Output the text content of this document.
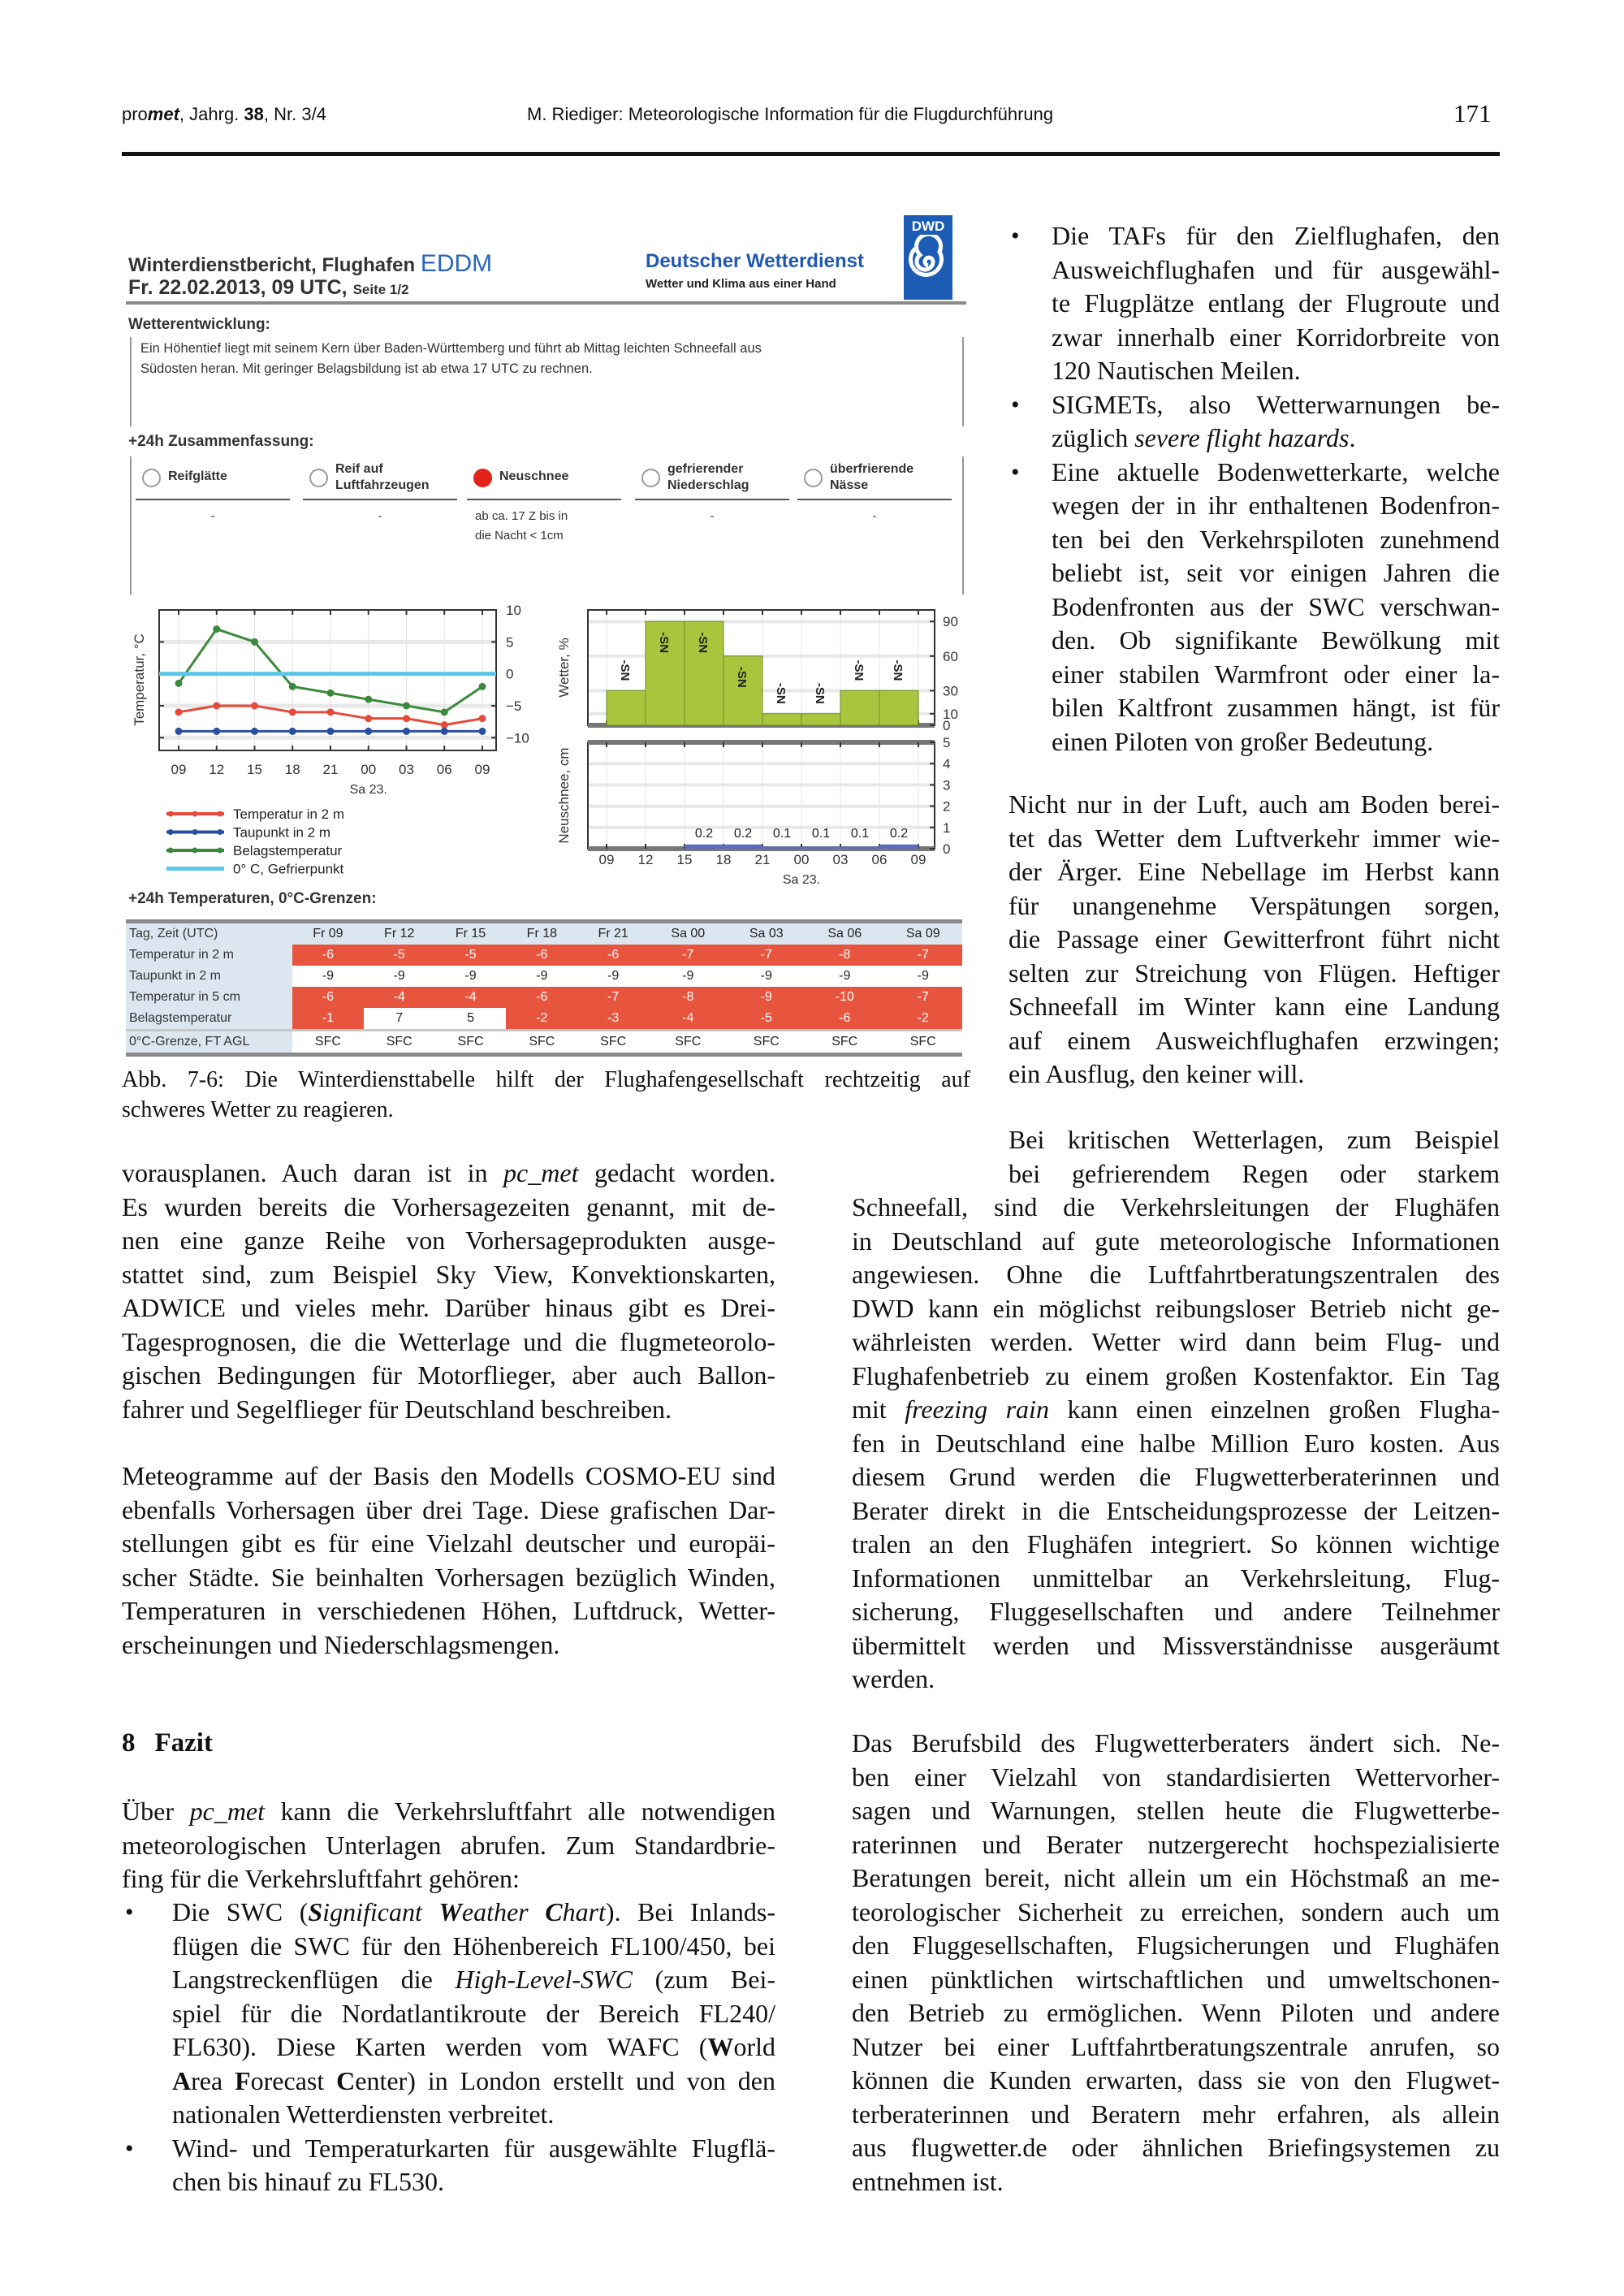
promet, Jahrg. 38, Nr. 3/4	M. Riediger: Meteorologische Information für die Flugdurchführung	171
Winterdienstbericht, Flughafen EDDM
Fr. 22.02.2013, 09 UTC, Seite 1/2
Deutscher Wetterdienst
Wetter und Klima aus einer Hand
DWD
Wetterentwicklung:
Ein Höhentief liegt mit seinem Kern über Baden-Württemberg und führt ab Mittag leichten Schneefall aus
Südosten heran. Mit geringer Belagsbildung ist ab etwa 17 UTC zu rechnen.
+24h Zusammenfassung:
Reifglätte
-
Reif auf
Luftfahrzeugen
-
Neuschnee
ab ca. 17 Z bis in
die Nacht < 1cm
gefrierender
Niederschlag
-
überfrierende
Nässe
-
10
5
0
−5
−10
09 12 15 18 21 00 03 06 09
Sa 23.
Temperatur, °C
Temperatur in 2 m
Taupunkt in 2 m
Belagstemperatur
0° C, Gefrierpunkt
0
10
30
60
90
Wetter, %	-SN
-SN -SN
-SN
-SN -SN
-SN -SN
0
1
2
3
4
5
Neuschnee, cm	0.2 0.2 0.1 0.1 0.1 0.2
09 12 15 18 21 00 03 06 09
Sa 23.
+24h Temperaturen, 0°C-Grenzen:
Tag, Zeit (UTC)	Fr 09	Fr 12	Fr 15	Fr 18	Fr 21	Sa 00	Sa 03	Sa 06	Sa 09
Temperatur in 2 m	-6	-5	-5	-6	-6	-7	-7	-8	-7
Taupunkt in 2 m	-9	-9	-9	-9	-9	-9	-9	-9	-9
Temperatur in 5 cm	-6	-4	-4	-6	-7	-8	-9	-10	-7
Belagstemperatur	-1	7	5	-2	-3	-4	-5	-6	-2
0°C-Grenze, FT AGL	SFC	SFC	SFC	SFC	SFC	SFC	SFC	SFC	SFC
Abb. 7-6: Die Winterdiensttabelle hilft der Flughafengesellschaft rechtzeitig auf
schweres Wetter zu reagieren.
vorausplanen. Auch daran ist in pc_met gedacht worden.
Es wurden bereits die Vorhersagezeiten genannt, mit de-
nen eine ganze Reihe von Vorhersageprodukten ausge-
stattet sind, zum Beispiel Sky View, Konvektionskarten,
ADWICE und vieles mehr. Darüber hinaus gibt es Drei-
Tagesprognosen, die die Wetterlage und die flugmeteorolo-
gischen Bedingungen für Motorflieger, aber auch Ballon-
fahrer und Segelflieger für Deutschland beschreiben.
Meteogramme auf der Basis den Modells COSMO-EU sind
ebenfalls Vorhersagen über drei Tage. Diese grafischen Dar-
stellungen gibt es für eine Vielzahl deutscher und europäi-
scher Städte. Sie beinhalten Vorhersagen bezüglich Winden,
Temperaturen in verschiedenen Höhen, Luftdruck, Wetter-
erscheinungen und Niederschlagsmengen.
8 Fazit
Über pc_met kann die Verkehrsluftfahrt alle notwendigen
meteorologischen Unterlagen abrufen. Zum Standardbrie-
fing für die Verkehrsluftfahrt gehören:
• Die SWC (Significant Weather Chart). Bei Inlands-
flügen die SWC für den Höhenbereich FL100/450, bei
Langstreckenflügen die High-Level-SWC (zum Bei-
spiel für die Nordatlantikroute der Bereich FL240/
FL630). Diese Karten werden vom WAFC (World
Area Forecast Center) in London erstellt und von den
nationalen Wetterdiensten verbreitet.
• Wind- und Temperaturkarten für ausgewählte Flugflä-
chen bis hinauf zu FL530.
• Die TAFs für den Zielflughafen, den
Ausweichflughafen und für ausgewähl-
te Flugplätze entlang der Flugroute und
zwar innerhalb einer Korridorbreite von
120 Nautischen Meilen.
• SIGMETs, also Wetterwarnungen be-
züglich severe flight hazards.
• Eine aktuelle Bodenwetterkarte, welche
wegen der in ihr enthaltenen Bodenfron-
ten bei den Verkehrspiloten zunehmend
beliebt ist, seit vor einigen Jahren die
Bodenfronten aus der SWC verschwan-
den. Ob signifikante Bewölkung mit
einer stabilen Warmfront oder einer la-
bilen Kaltfront zusammen hängt, ist für
einen Piloten von großer Bedeutung.
Nicht nur in der Luft, auch am Boden berei-
tet das Wetter dem Luftverkehr immer wie-
der Ärger. Eine Nebellage im Herbst kann
für unangenehme Verspätungen sorgen,
die Passage einer Gewitterfront führt nicht
selten zur Streichung von Flügen. Heftiger
Schneefall im Winter kann eine Landung
auf einem Ausweichflughafen erzwingen;
ein Ausflug, den keiner will.
Bei kritischen Wetterlagen, zum Beispiel
bei gefrierendem Regen oder starkem
Schneefall, sind die Verkehrsleitungen der Flughäfen
in Deutschland auf gute meteorologische Informationen
angewiesen. Ohne die Luftfahrtberatungszentralen des
DWD kann ein möglichst reibungsloser Betrieb nicht ge-
währleisten werden. Wetter wird dann beim Flug- und
Flughafenbetrieb zu einem großen Kostenfaktor. Ein Tag
mit freezing rain kann einen einzelnen großen Flugha-
fen in Deutschland eine halbe Million Euro kosten. Aus
diesem Grund werden die Flugwetterberaterinnen und
Berater direkt in die Entscheidungsprozesse der Leitzen-
tralen an den Flughäfen integriert. So können wichtige
Informationen unmittelbar an Verkehrsleitung, Flug-
sicherung, Fluggesellschaften und andere Teilnehmer
übermittelt werden und Missverständnisse ausgeräumt
werden.
Das Berufsbild des Flugwetterberaters ändert sich. Ne-
ben einer Vielzahl von standardisierten Wettervorher-
sagen und Warnungen, stellen heute die Flugwetterbe-
raterinnen und Berater nutzergerecht hochspezialisierte
Beratungen bereit, nicht allein um ein Höchstmaß an me-
teorologischer Sicherheit zu erreichen, sondern auch um
den Fluggesellschaften, Flugsicherungen und Flughäfen
einen pünktlichen wirtschaftlichen und umweltschonen-
den Betrieb zu ermöglichen. Wenn Piloten und andere
Nutzer bei einer Luftfahrtberatungszentrale anrufen, so
können die Kunden erwarten, dass sie von den Flugwet-
terberaterinnen und Beratern mehr erfahren, als allein
aus flugwetter.de oder ähnlichen Briefingsystemen zu
entnehmen ist.
